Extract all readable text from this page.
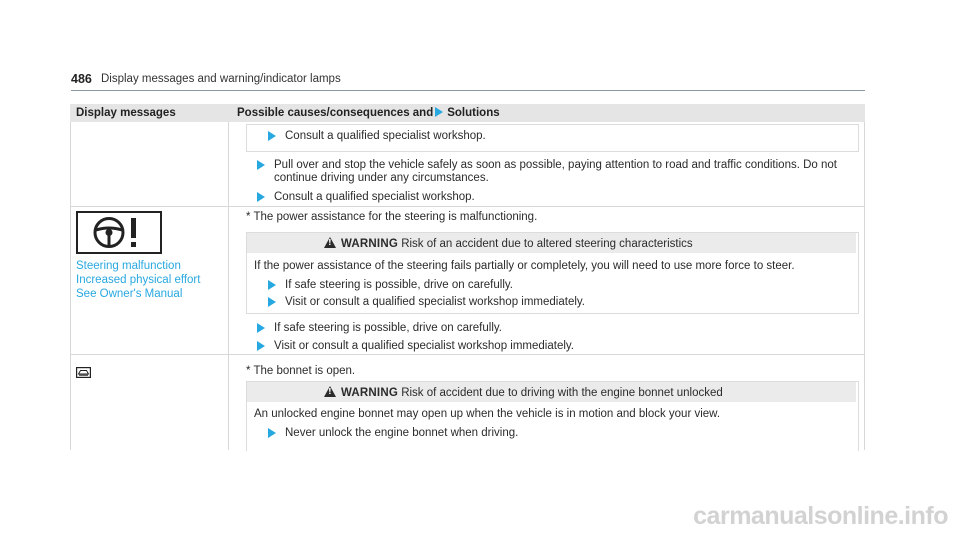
486 Display messages and warning/indicator lamps
Display messages	Possible causes/consequences and Solutions
Consult a qualified specialist workshop.
Pull over and stop the vehicle safely as soon as possible, paying attention to road and traffic conditions. Do not
continue driving under any circumstances.
Consult a qualified specialist workshop.
Steering malfunction
Increased physical effort
See Owner's Manual
* The power assistance for the steering is malfunctioning.
!
WARNING Risk of an accident due to altered steering characteristics
If the power assistance of the steering fails partially or completely, you will need to use more force to steer.
If safe steering is possible, drive on carefully.
Visit or consult a qualified specialist workshop immediately.
If safe steering is possible, drive on carefully.
Visit or consult a qualified specialist workshop immediately.
* The bonnet is open.
!
WARNING Risk of accident due to driving with the engine bonnet unlocked
An unlocked engine bonnet may open up when the vehicle is in motion and block your view.
Never unlock the engine bonnet when driving.
carmanualsonline.info
